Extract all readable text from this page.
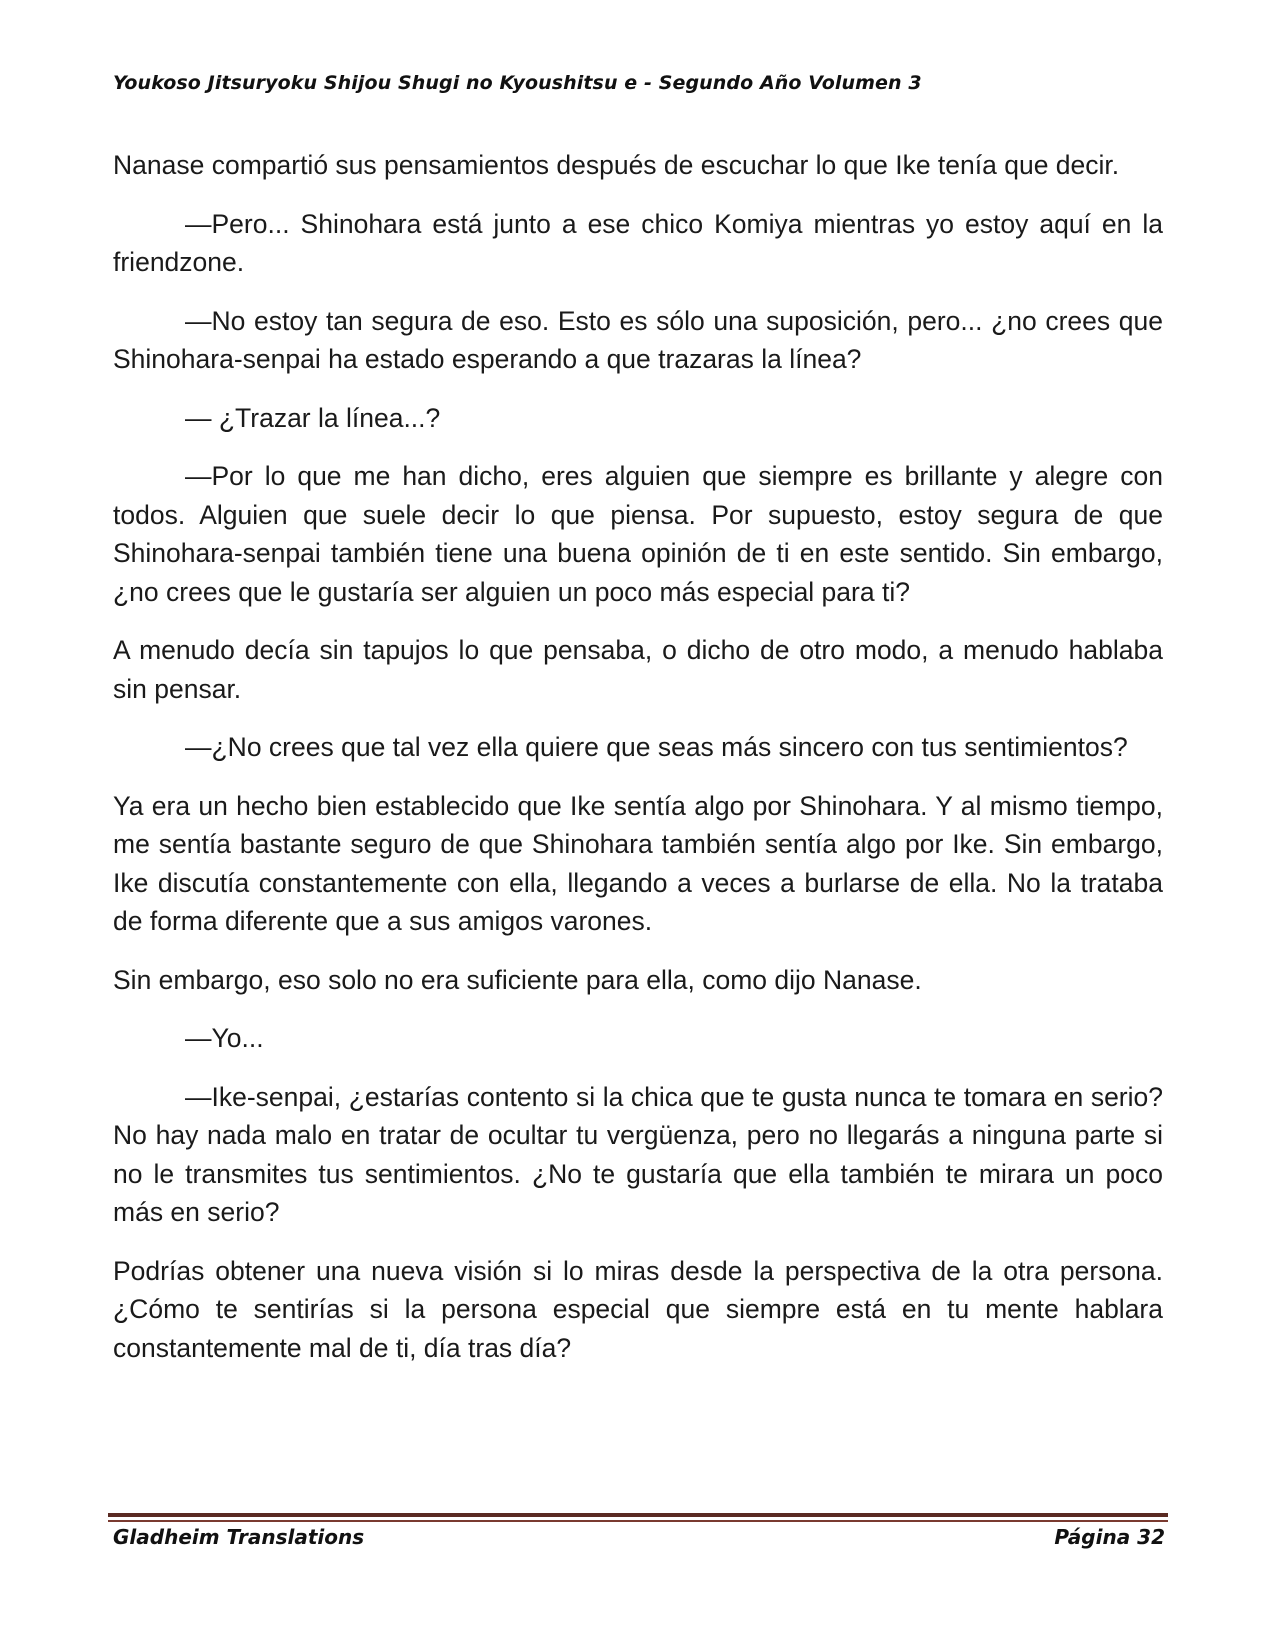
Youkoso Jitsuryoku Shijou Shugi no Kyoushitsu e - Segundo Año Volumen 3

Nanase compartió sus pensamientos después de escuchar lo que Ike tenía que decir.

—Pero... Shinohara está junto a ese chico Komiya mientras yo estoy aquí en la friendzone.

—No estoy tan segura de eso. Esto es sólo una suposición, pero... ¿no crees que Shinohara-senpai ha estado esperando a que trazaras la línea?

— ¿Trazar la línea...?

—Por lo que me han dicho, eres alguien que siempre es brillante y alegre con todos. Alguien que suele decir lo que piensa. Por supuesto, estoy segura de que Shinohara-senpai también tiene una buena opinión de ti en este sentido. Sin embargo, ¿no crees que le gustaría ser alguien un poco más especial para ti?

A menudo decía sin tapujos lo que pensaba, o dicho de otro modo, a menudo hablaba sin pensar.

—¿No crees que tal vez ella quiere que seas más sincero con tus sentimientos?

Ya era un hecho bien establecido que Ike sentía algo por Shinohara. Y al mismo tiempo, me sentía bastante seguro de que Shinohara también sentía algo por Ike. Sin embargo, Ike discutía constantemente con ella, llegando a veces a burlarse de ella. No la trataba de forma diferente que a sus amigos varones.

Sin embargo, eso solo no era suficiente para ella, como dijo Nanase.

—Yo...

—Ike-senpai, ¿estarías contento si la chica que te gusta nunca te tomara en serio? No hay nada malo en tratar de ocultar tu vergüenza, pero no llegarás a ninguna parte si no le transmites tus sentimientos. ¿No te gustaría que ella también te mirara un poco más en serio?

Podrías obtener una nueva visión si lo miras desde la perspectiva de la otra persona. ¿Cómo te sentirías si la persona especial que siempre está en tu mente hablara constantemente mal de ti, día tras día?

Gladheim Translations	Página 32
